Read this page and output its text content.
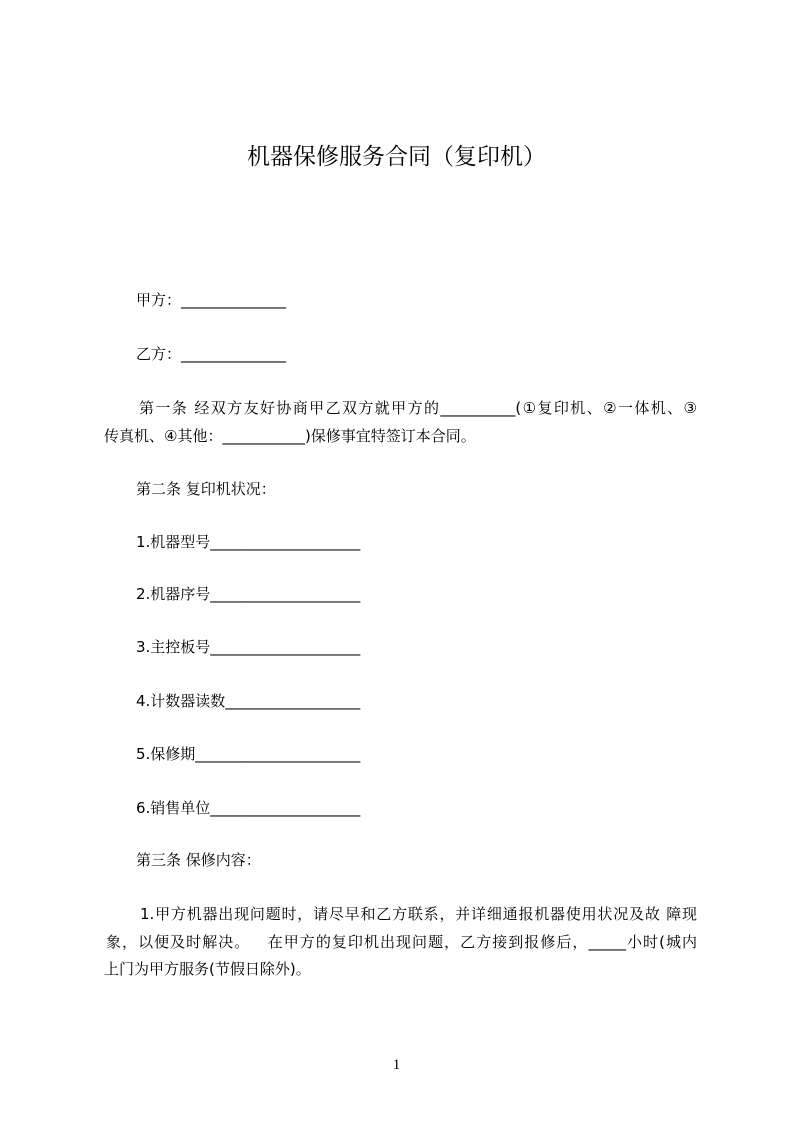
机器保修服务合同（复印机）
甲方：______________
乙方：______________
第一条 经双方友好协商甲乙双方就甲方的__________(①复印机、②一体机、③
传真机、④其他：___________)保修事宜特签订本合同。
第二条 复印机状况：
1.机器型号____________________
2.机器序号____________________
3.主控板号____________________
4.计数器读数__________________
5.保修期______________________
6.销售单位____________________
第三条 保修内容：
1.甲方机器出现问题时，请尽早和乙方联系，并详细通报机器使用状况及故 障现
象，以便及时解决。   在甲方的复印机出现问题，乙方接到报修后，_____小时(城内
上门为甲方服务(节假日除外)。
1
